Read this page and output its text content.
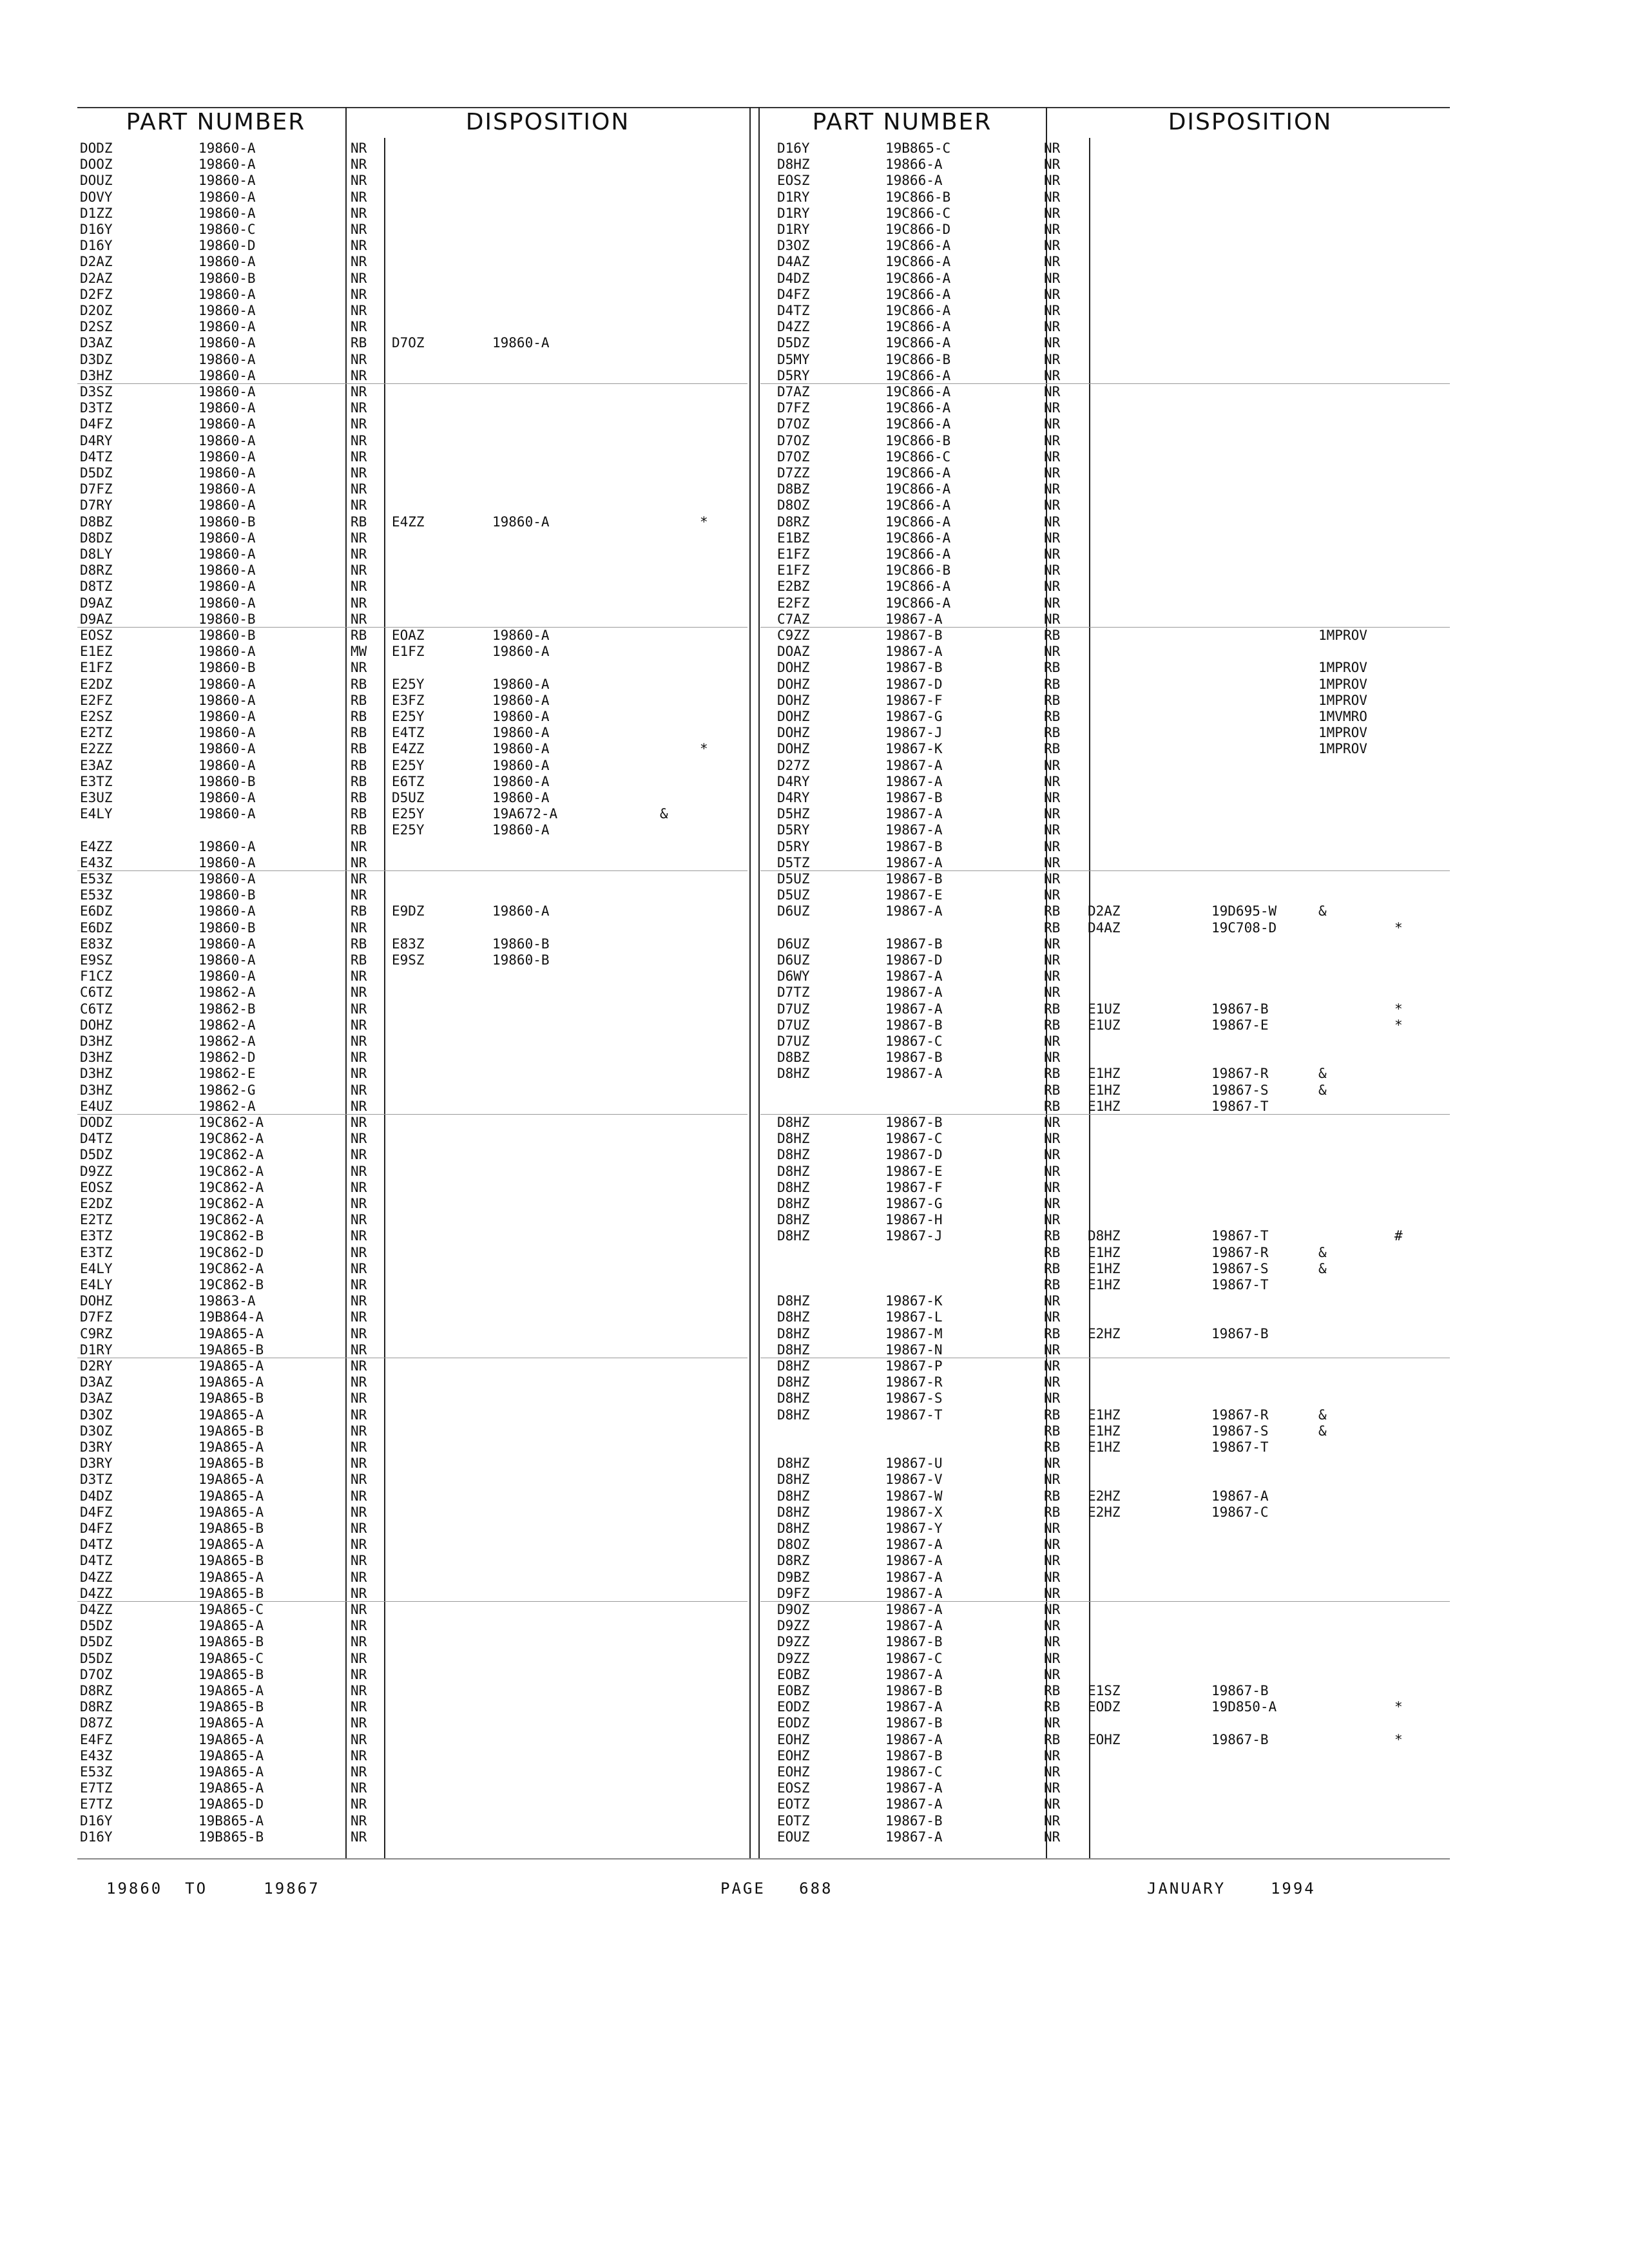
PART NUMBER	DISPOSITION	PART NUMBER	DISPOSITION
DODZ	19860-A	NR
DOOZ	19860-A	NR
DOUZ	19860-A	NR
DOVY	19860-A	NR
D1ZZ	19860-A	NR
D16Y	19860-C	NR
D16Y	19860-D	NR
D2AZ	19860-A	NR
D2AZ	19860-B	NR
D2FZ	19860-A	NR
D2OZ	19860-A	NR
D2SZ	19860-A	NR
D3AZ	19860-A	RB D7OZ	19860-A
D3DZ	19860-A	NR
D3HZ	19860-A	NR
D3SZ	19860-A	NR
D3TZ	19860-A	NR
D4FZ	19860-A	NR
D4RY	19860-A	NR
D4TZ	19860-A	NR
D5DZ	19860-A	NR
D7FZ	19860-A	NR
D7RY	19860-A	NR
D8BZ	19860-B	RB E4ZZ	19860-A	*
D8DZ	19860-A	NR
D8LY	19860-A	NR
D8RZ	19860-A	NR
D8TZ	19860-A	NR
D9AZ	19860-A	NR
D9AZ	19860-B	NR
EOSZ	19860-B	RB EOAZ	19860-A
E1EZ	19860-A	MW E1FZ	19860-A
E1FZ	19860-B	NR
E2DZ	19860-A	RB E25Y	19860-A
E2FZ	19860-A	RB E3FZ	19860-A
E2SZ	19860-A	RB E25Y	19860-A
E2TZ	19860-A	RB E4TZ	19860-A
E2ZZ	19860-A	RB E4ZZ	19860-A	*
E3AZ	19860-A	RB E25Y	19860-A
E3TZ	19860-B	RB E6TZ	19860-A
E3UZ	19860-A	RB D5UZ	19860-A
E4LY	19860-A	RB E25Y	19A672-A	&
RB E25Y	19860-A
E4ZZ	19860-A	NR
E43Z	19860-A	NR
E53Z	19860-A	NR
E53Z	19860-B	NR
E6DZ	19860-A	RB E9DZ	19860-A
E6DZ	19860-B	NR
E83Z	19860-A	RB E83Z	19860-B
E9SZ	19860-A	RB E9SZ	19860-B
F1CZ	19860-A	NR
C6TZ	19862-A	NR
C6TZ	19862-B	NR
DOHZ	19862-A	NR
D3HZ	19862-A	NR
D3HZ	19862-D	NR
D3HZ	19862-E	NR
D3HZ	19862-G	NR
E4UZ	19862-A	NR
DODZ	19C862-A	NR
D4TZ	19C862-A	NR
D5DZ	19C862-A	NR
D9ZZ	19C862-A	NR
EOSZ	19C862-A	NR
E2DZ	19C862-A	NR
E2TZ	19C862-A	NR
E3TZ	19C862-B	NR
E3TZ	19C862-D	NR
E4LY	19C862-A	NR
E4LY	19C862-B	NR
DOHZ	19863-A	NR
D7FZ	19B864-A	NR
C9RZ	19A865-A	NR
D1RY	19A865-B	NR
D2RY	19A865-A	NR
D3AZ	19A865-A	NR
D3AZ	19A865-B	NR
D3OZ	19A865-A	NR
D3OZ	19A865-B	NR
D3RY	19A865-A	NR
D3RY	19A865-B	NR
D3TZ	19A865-A	NR
D4DZ	19A865-A	NR
D4FZ	19A865-A	NR
D4FZ	19A865-B	NR
D4TZ	19A865-A	NR
D4TZ	19A865-B	NR
D4ZZ	19A865-A	NR
D4ZZ	19A865-B	NR
D4ZZ	19A865-C	NR
D5DZ	19A865-A	NR
D5DZ	19A865-B	NR
D5DZ	19A865-C	NR
D7OZ	19A865-B	NR
D8RZ	19A865-A	NR
D8RZ	19A865-B	NR
D87Z	19A865-A	NR
E4FZ	19A865-A	NR
E43Z	19A865-A	NR
E53Z	19A865-A	NR
E7TZ	19A865-A	NR
E7TZ	19A865-D	NR
D16Y	19B865-A	NR
D16Y	19B865-B	NR
D16Y	19B865-C	NR
D8HZ	19866-A	NR
EOSZ	19866-A	NR
D1RY	19C866-B	NR
D1RY	19C866-C	NR
D1RY	19C866-D	NR
D3OZ	19C866-A	NR
D4AZ	19C866-A	NR
D4DZ	19C866-A	NR
D4FZ	19C866-A	NR
D4TZ	19C866-A	NR
D4ZZ	19C866-A	NR
D5DZ	19C866-A	NR
D5MY	19C866-B	NR
D5RY	19C866-A	NR
D7AZ	19C866-A	NR
D7FZ	19C866-A	NR
D7OZ	19C866-A	NR
D7OZ	19C866-B	NR
D7OZ	19C866-C	NR
D7ZZ	19C866-A	NR
D8BZ	19C866-A	NR
D8OZ	19C866-A	NR
D8RZ	19C866-A	NR
E1BZ	19C866-A	NR
E1FZ	19C866-A	NR
E1FZ	19C866-B	NR
E2BZ	19C866-A	NR
E2FZ	19C866-A	NR
C7AZ	19867-A	NR
C9ZZ	19867-B	RB	1MPROV
DOAZ	19867-A	NR
DOHZ	19867-B	RB	1MPROV
DOHZ	19867-D	RB	1MPROV
DOHZ	19867-F	RB	1MPROV
DOHZ	19867-G	RB	1MVMRO
DOHZ	19867-J	RB	1MPROV
DOHZ	19867-K	RB	1MPROV
D27Z	19867-A	NR
D4RY	19867-A	NR
D4RY	19867-B	NR
D5HZ	19867-A	NR
D5RY	19867-A	NR
D5RY	19867-B	NR
D5TZ	19867-A	NR
D5UZ	19867-B	NR
D5UZ	19867-E	NR
D6UZ	19867-A	RB D2AZ	19D695-W	&
RB D4AZ	19C708-D	*
D6UZ	19867-B	NR
D6UZ	19867-D	NR
D6WY	19867-A	NR
D7TZ	19867-A	NR
D7UZ	19867-A	RB E1UZ	19867-B	*
D7UZ	19867-B	RB E1UZ	19867-E	*
D7UZ	19867-C	NR
D8BZ	19867-B	NR
D8HZ	19867-A	RB E1HZ	19867-R	&
RB E1HZ	19867-S	&
RB E1HZ	19867-T
D8HZ	19867-B	NR
D8HZ	19867-C	NR
D8HZ	19867-D	NR
D8HZ	19867-E	NR
D8HZ	19867-F	NR
D8HZ	19867-G	NR
D8HZ	19867-H	NR
D8HZ	19867-J	RB D8HZ	19867-T	#
RB E1HZ	19867-R	&
RB E1HZ	19867-S	&
RB E1HZ	19867-T
D8HZ	19867-K	NR
D8HZ	19867-L	NR
D8HZ	19867-M	RB E2HZ	19867-B
D8HZ	19867-N	NR
D8HZ	19867-P	NR
D8HZ	19867-R	NR
D8HZ	19867-S	NR
D8HZ	19867-T	RB E1HZ	19867-R	&
RB E1HZ	19867-S	&
RB E1HZ	19867-T
D8HZ	19867-U	NR
D8HZ	19867-V	NR
D8HZ	19867-W	RB E2HZ	19867-A
D8HZ	19867-X	RB E2HZ	19867-C
D8HZ	19867-Y	NR
D8OZ	19867-A	NR
D8RZ	19867-A	NR
D9BZ	19867-A	NR
D9FZ	19867-A	NR
D9OZ	19867-A	NR
D9ZZ	19867-A	NR
D9ZZ	19867-B	NR
D9ZZ	19867-C	NR
EOBZ	19867-A	NR
EOBZ	19867-B	RB E1SZ	19867-B
EODZ	19867-A	RB EODZ	19D850-A	*
EODZ	19867-B	NR
EOHZ	19867-A	RB EOHZ	19867-B	*
EOHZ	19867-B	NR
EOHZ	19867-C	NR
EOSZ	19867-A	NR
EOTZ	19867-A	NR
EOTZ	19867-B	NR
EOUZ	19867-A	NR
19860  TO     19867	PAGE   688	JANUARY    1994
